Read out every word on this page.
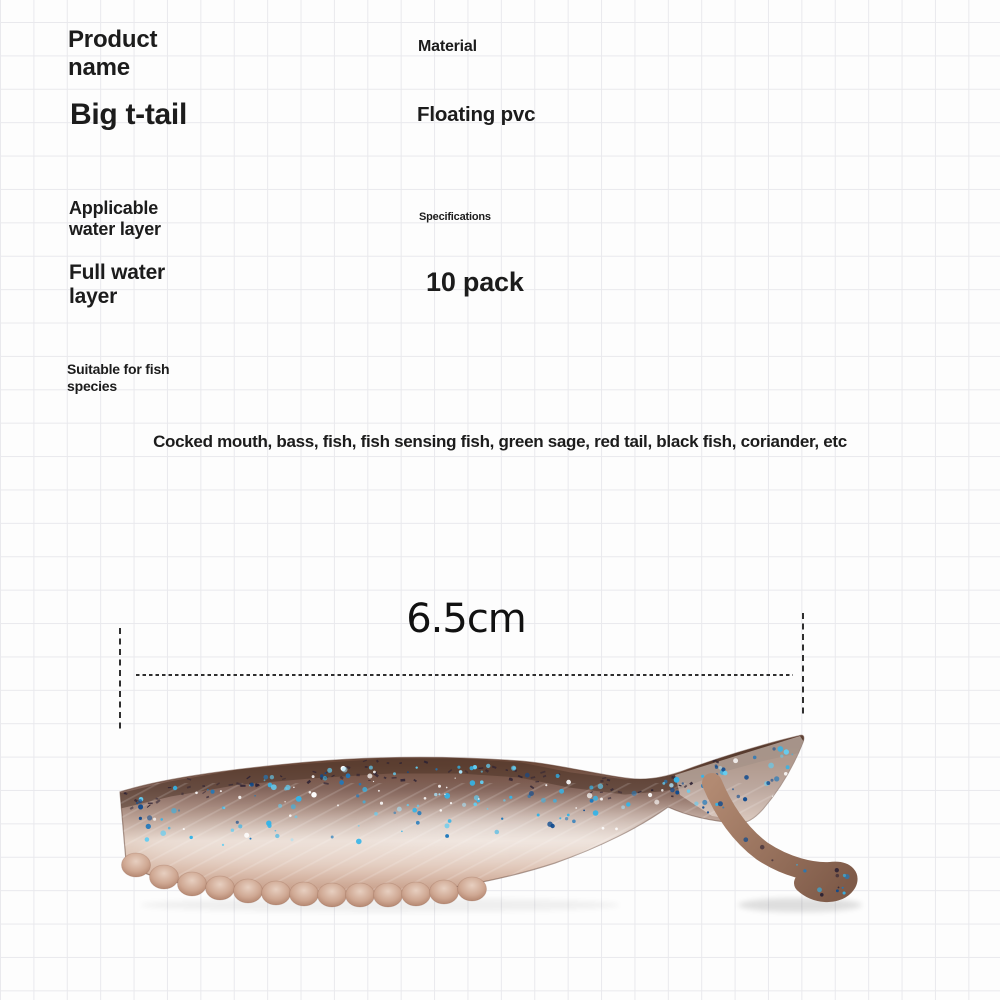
Product name
Big t-tail
Material
Floating pvc
Applicable water layer
Full water layer
Specifications
10 pack
Suitable for fish species
Cocked mouth, bass, fish, fish sensing fish, green sage, red tail, black fish, coriander, etc
6.5cm
